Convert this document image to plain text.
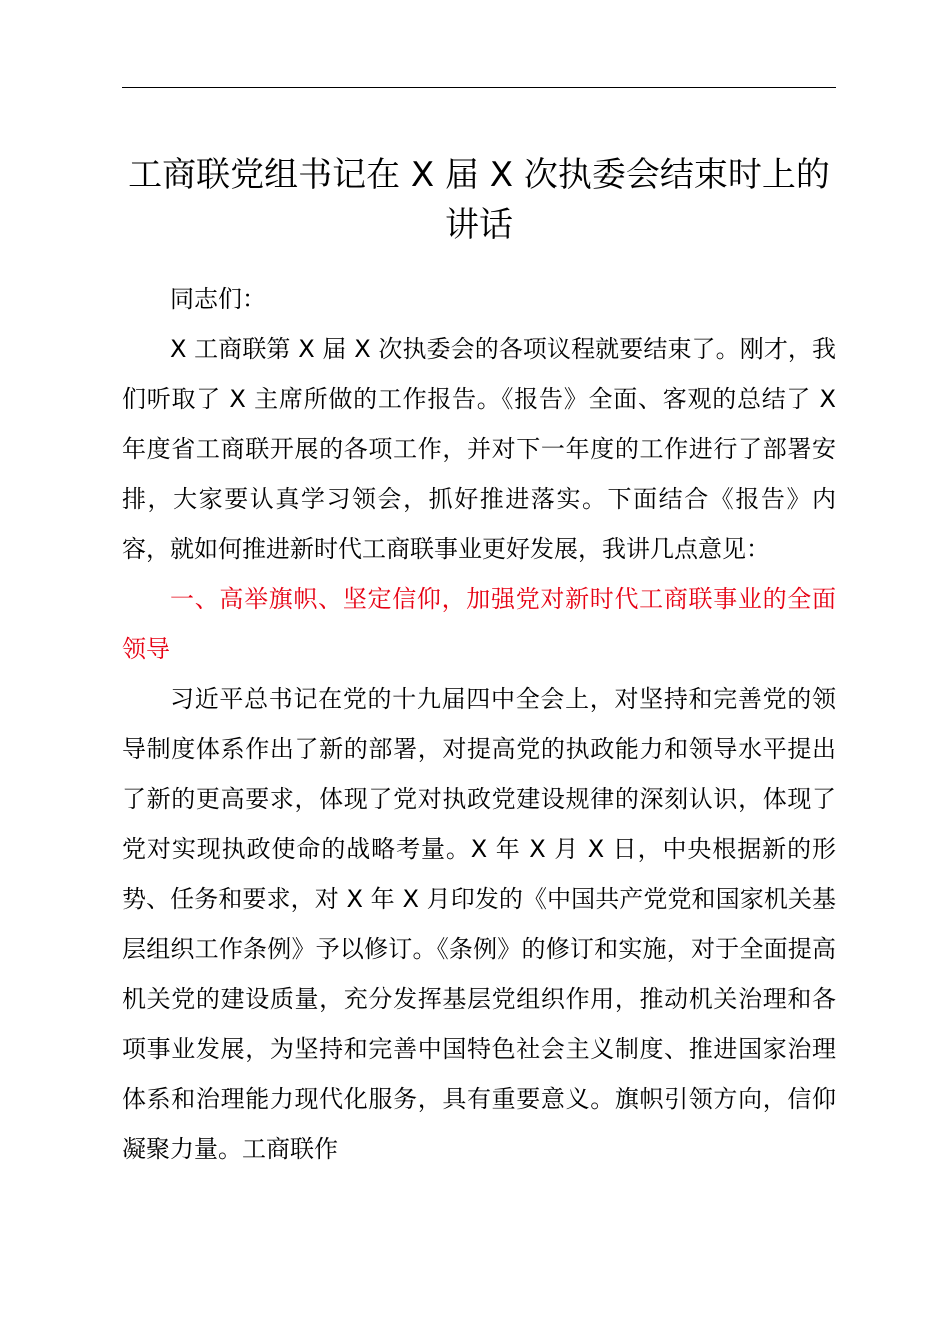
工商联党组书记在 X 届 X 次执委会结束时上的
讲话

同志们：

X 工商联第 X 届 X 次执委会的各项议程就要结束了。刚才，我们听取了 X 主席所做的工作报告。《报告》全面、客观的总结了 X 年度省工商联开展的各项工作，并对下一年度的工作进行了部署安排，大家要认真学习领会，抓好推进落实。下面结合《报告》内容，就如何推进新时代工商联事业更好发展，我讲几点意见：

一、高举旗帜、坚定信仰，加强党对新时代工商联事业的全面领导

习近平总书记在党的十九届四中全会上，对坚持和完善党的领导制度体系作出了新的部署，对提高党的执政能力和领导水平提出了新的更高要求，体现了党对执政党建设规律的深刻认识，体现了党对实现执政使命的战略考量。X 年 X 月 X 日，中央根据新的形势、任务和要求，对 X 年 X 月印发的《中国共产党党和国家机关基层组织工作条例》予以修订。《条例》的修订和实施，对于全面提高机关党的建设质量，充分发挥基层党组织作用，推动机关治理和各项事业发展，为坚持和完善中国特色社会主义制度、推进国家治理体系和治理能力现代化服务，具有重要意义。旗帜引领方向，信仰凝聚力量。工商联作
